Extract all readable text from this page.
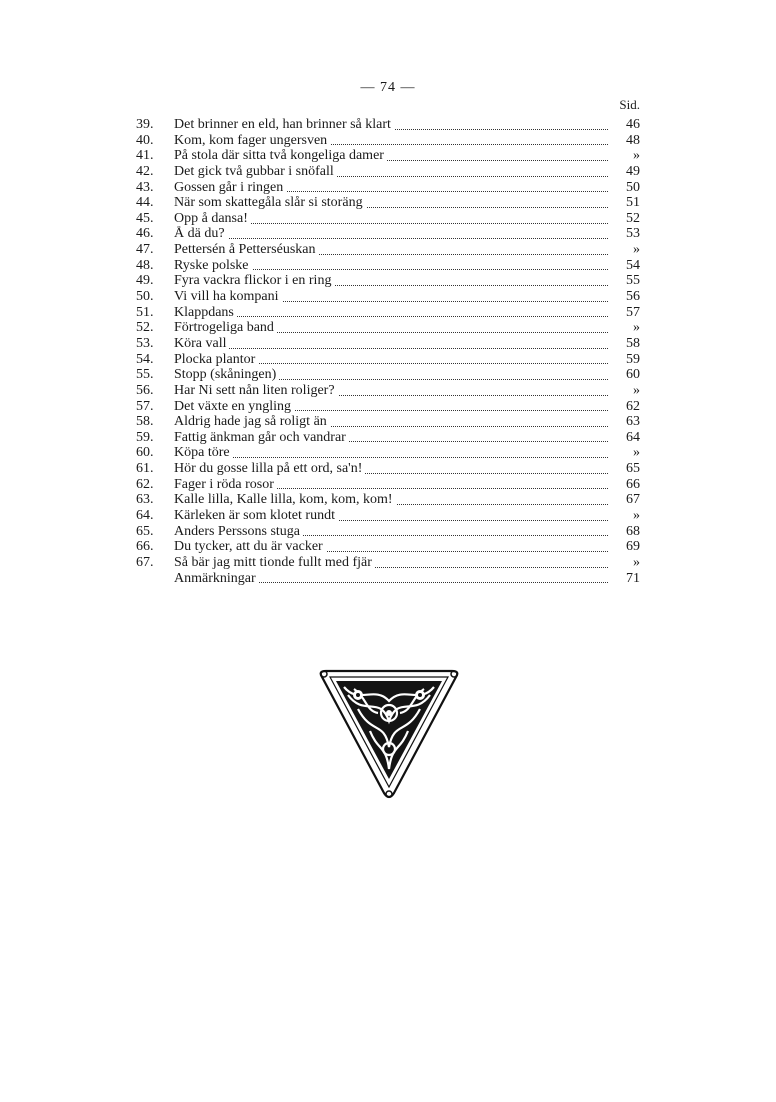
— 74 —
Sid.
39.	Det brinner en eld, han brinner så klart	46
40.	Kom, kom fager ungersven	48
41.	På stola där sitta två kongeliga damer	»
42.	Det gick två gubbar i snöfall	49
43.	Gossen går i ringen	50
44.	När som skattegåla slår si storäng	51
45.	Opp å dansa!	52
46.	Å dä du?	53
47.	Pettersén å Petterséuskan	»
48.	Ryske polske	54
49.	Fyra vackra flickor i en ring	55
50.	Vi vill ha kompani	56
51.	Klappdans	57
52.	Förtrogeliga band	»
53.	Köra vall	58
54.	Plocka plantor	59
55.	Stopp (skåningen)	60
56.	Har Ni sett nån liten roliger?	»
57.	Det växte en yngling	62
58.	Aldrig hade jag så roligt än	63
59.	Fattig änkman går och vandrar	64
60.	Köpa töre	»
61.	Hör du gosse lilla på ett ord, sa'n!	65
62.	Fager i röda rosor	66
63.	Kalle lilla, Kalle lilla, kom, kom, kom!	67
64.	Kärleken är som klotet rundt	»
65.	Anders Perssons stuga	68
66.	Du tycker, att du är vacker	69
67.	Så bär jag mitt tionde fullt med fjär	»
Anmärkningar	71
